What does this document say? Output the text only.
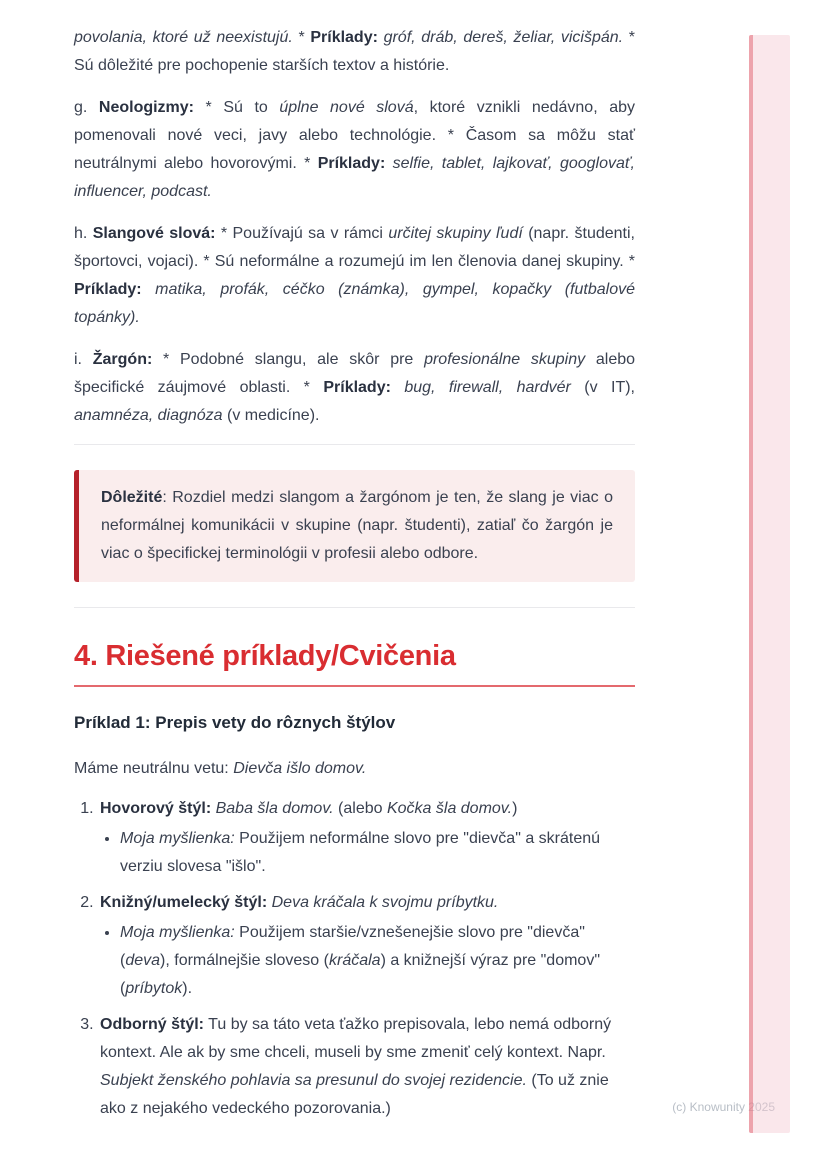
povolania, ktoré už neexistujú. * Príklady: gróf, dráb, dereš, želiar, vicišpán. * Sú dôležité pre pochopenie starších textov a histórie.

g. Neologizmy: * Sú to úplne nové slová, ktoré vznikli nedávno, aby pomenovali nové veci, javy alebo technológie. * Časom sa môžu stať neutrálnymi alebo hovorovými. * Príklady: selfie, tablet, lajkovať, googlovať, influencer, podcast.

h. Slangové slová: * Používajú sa v rámci určitej skupiny ľudí (napr. študenti, športovci, vojaci). * Sú neformálne a rozumejú im len členovia danej skupiny. * Príklady: matika, profák, céčko (známka), gympel, kopačky (futbalové topánky).

i. Žargón: * Podobné slangu, ale skôr pre profesionálne skupiny alebo špecifické záujmové oblasti. * Príklady: bug, firewall, hardvér (v IT), anamnéza, diagnóza (v medicíne).

Dôležité: Rozdiel medzi slangom a žargónom je ten, že slang je viac o neformálnej komunikácii v skupine (napr. študenti), zatiaľ čo žargón je viac o špecifickej terminológii v profesii alebo odbore.

4. Riešené príklady/Cvičenia
Príklad 1: Prepis vety do rôznych štýlov

Máme neutrálnu vetu: Dievča išlo domov.

1. Hovorový štýl: Baba šla domov. (alebo Kočka šla domov.)
• Moja myšlienka: Použijem neformálne slovo pre "dievča" a skrátenú verziu slovesa "išlo".
2. Knižný/umelecký štýl: Deva kráčala k svojmu príbytku.
• Moja myšlienka: Použijem staršie/vznešenejšie slovo pre "dievča" (deva), formálnejšie sloveso (kráčala) a knižnejší výraz pre "domov" (príbytok).
3. Odborný štýl: Tu by sa táto veta ťažko prepisovala, lebo nemá odborný kontext. Ale ak by sme chceli, museli by sme zmeniť celý kontext. Napr. Subjekt ženského pohlavia sa presunul do svojej rezidencie. (To už znie ako z nejakého vedeckého pozorovania.)	(c) Knowunity 2025
